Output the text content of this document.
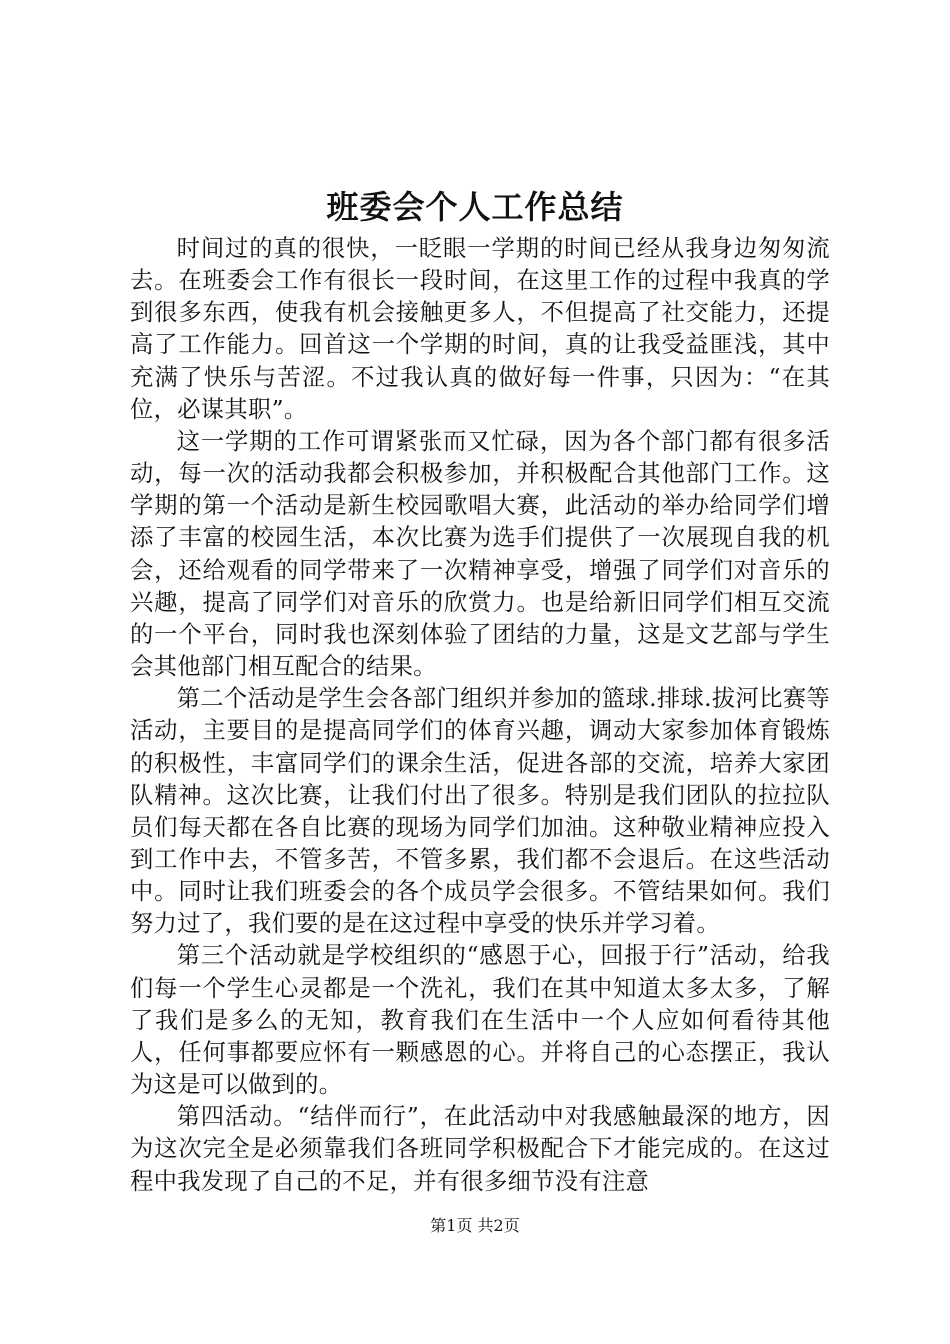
班委会个人工作总结

时间过的真的很快，一眨眼一学期的时间已经从我身边匆匆流去。在班委会工作有很长一段时间，在这里工作的过程中我真的学到很多东西，使我有机会接触更多人，不但提高了社交能力，还提高了工作能力。回首这一个学期的时间，真的让我受益匪浅，其中充满了快乐与苦涩。不过我认真的做好每一件事，只因为：“在其位，必谋其职”。

这一学期的工作可谓紧张而又忙碌，因为各个部门都有很多活动，每一次的活动我都会积极参加，并积极配合其他部门工作。这学期的第一个活动是新生校园歌唱大赛，此活动的举办给同学们增添了丰富的校园生活，本次比赛为选手们提供了一次展现自我的机会，还给观看的同学带来了一次精神享受，增强了同学们对音乐的兴趣，提高了同学们对音乐的欣赏力。也是给新旧同学们相互交流的一个平台，同时我也深刻体验了团结的力量，这是文艺部与学生会其他部门相互配合的结果。

第二个活动是学生会各部门组织并参加的篮球.排球.拔河比赛等活动，主要目的是提高同学们的体育兴趣，调动大家参加体育锻炼的积极性，丰富同学们的课余生活，促进各部的交流，培养大家团队精神。这次比赛，让我们付出了很多。特别是我们团队的拉拉队员们每天都在各自比赛的现场为同学们加油。这种敬业精神应投入到工作中去，不管多苦，不管多累，我们都不会退后。在这些活动中。同时让我们班委会的各个成员学会很多。不管结果如何。我们努力过了，我们要的是在这过程中享受的快乐并学习着。

第三个活动就是学校组织的“感恩于心，回报于行”活动，给我们每一个学生心灵都是一个洗礼，我们在其中知道太多太多，了解了我们是多么的无知，教育我们在生活中一个人应如何看待其他人，任何事都要应怀有一颗感恩的心。并将自己的心态摆正，我认为这是可以做到的。

第四活动。“结伴而行”，在此活动中对我感触最深的地方，因为这次完全是必须靠我们各班同学积极配合下才能完成的。在这过程中我发现了自己的不足，并有很多细节没有注意

第1页 共2页
